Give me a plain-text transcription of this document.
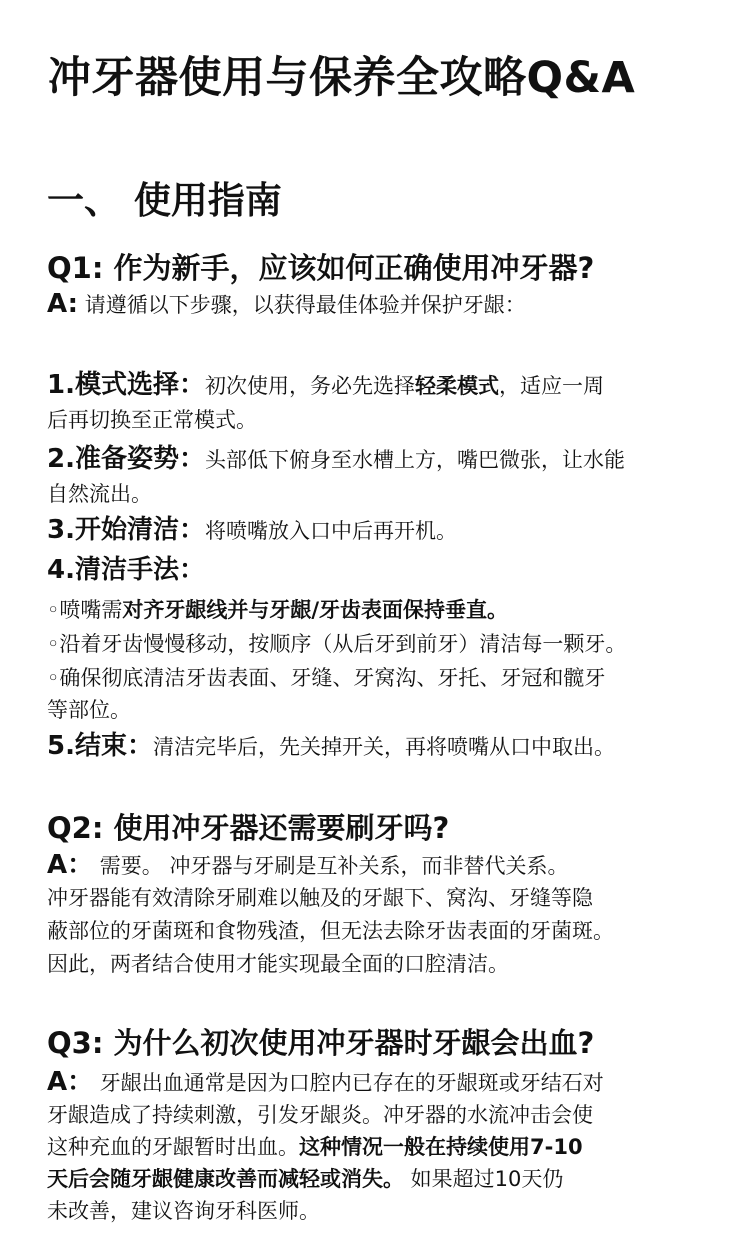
冲牙器使用与保养全攻略Q&A
一、 使用指南
Q1: 作为新手，应该如何正确使用冲牙器?
A: 请遵循以下步骤，以获得最佳体验并保护牙龈：
1.模式选择：初次使用，务必先选择轻柔模式，适应一周
后再切换至正常模式。
2.准备姿势：头部低下俯身至水槽上方，嘴巴微张，让水能
自然流出。
3.开始清洁：将喷嘴放入口中后再开机。
4.清洁手法：
◦喷嘴需对齐牙龈线并与牙龈/牙齿表面保持垂直。
◦沿着牙齿慢慢移动，按顺序（从后牙到前牙）清洁每一颗牙。
◦确保彻底清洁牙齿表面、牙缝、牙窝沟、牙托、牙冠和髋牙
等部位。
5.结束：清洁完毕后，先关掉开关，再将喷嘴从口中取出。
Q2: 使用冲牙器还需要刷牙吗?
A： 需要。 冲牙器与牙刷是互补关系，而非替代关系。
冲牙器能有效清除牙刷难以触及的牙龈下、窝沟、牙缝等隐
蔽部位的牙菌斑和食物残渣，但无法去除牙齿表面的牙菌斑。
因此，两者结合使用才能实现最全面的口腔清洁。
Q3: 为什么初次使用冲牙器时牙龈会出血?
A： 牙龈出血通常是因为口腔内已存在的牙龈斑或牙结石对
牙龈造成了持续刺激，引发牙龈炎。冲牙器的水流冲击会使
这种充血的牙龈暂时出血。这种情况一般在持续使用7-10
天后会随牙龈健康改善而减轻或消失。 如果超过10天仍
未改善，建议咨询牙科医师。
